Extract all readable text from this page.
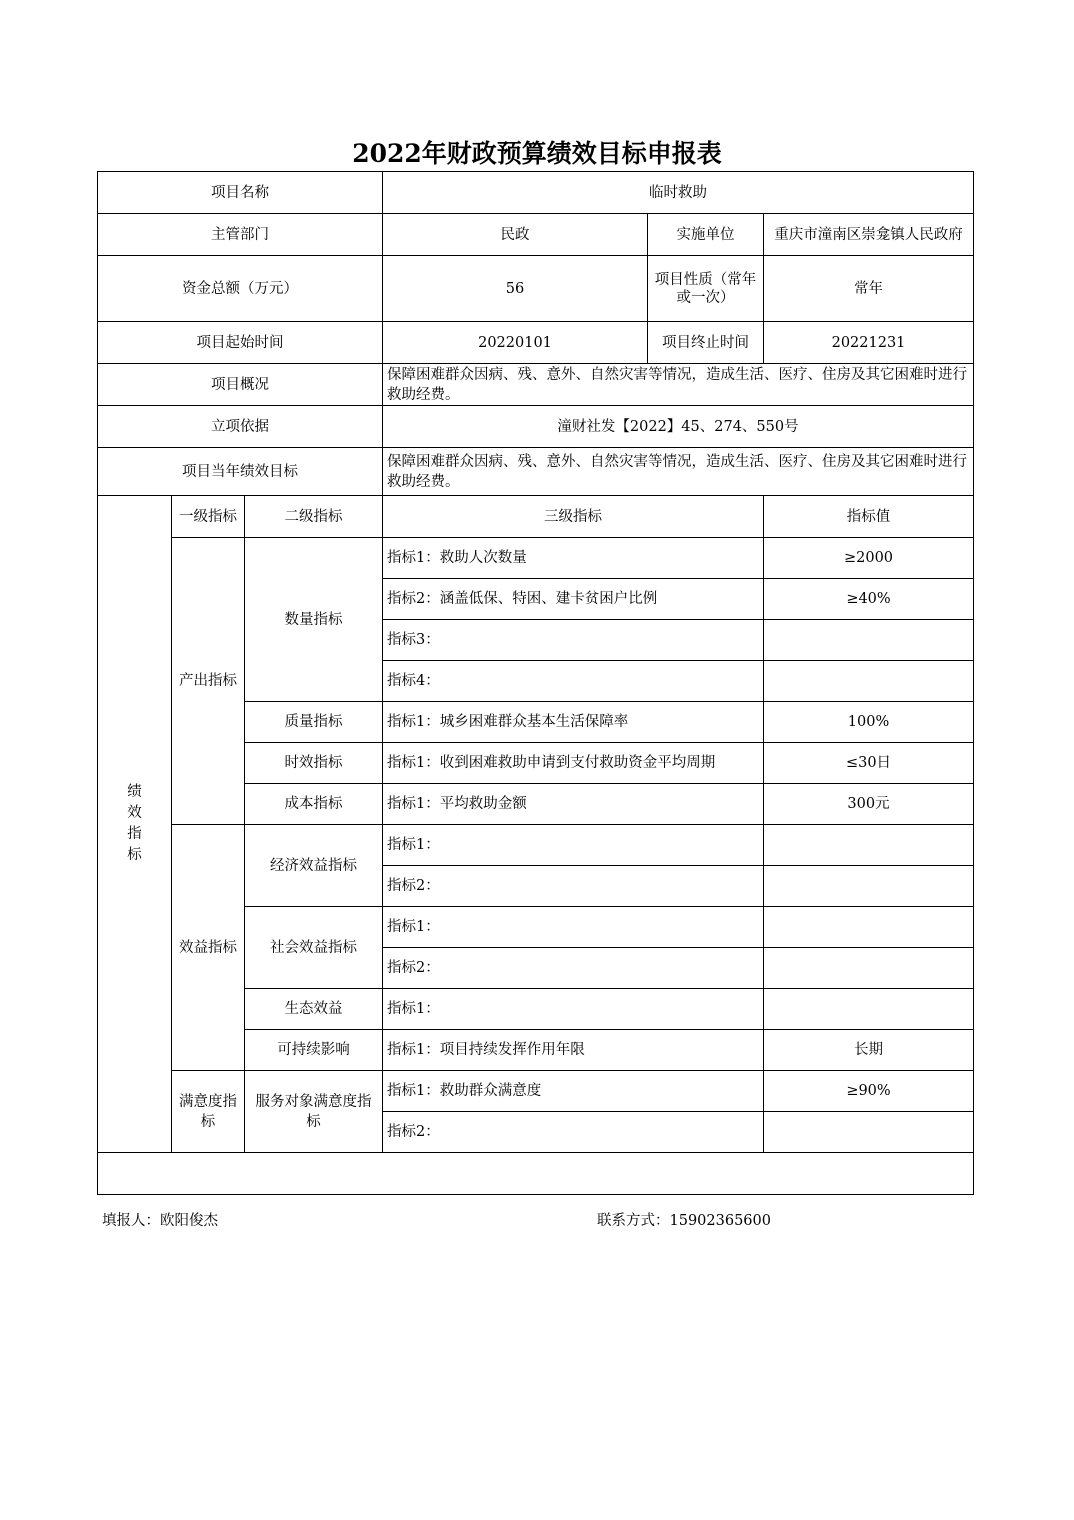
2022年财政预算绩效目标申报表
项目名称			临时救助		
主管部门			民政	实施单位	重庆市潼南区崇龛镇人民政府
资金总额（万元）			56	项目性质（常年或一次）	常年
项目起始时间			20220101	项目终止时间	20221231
项目概况			保障困难群众因病、残、意外、自然灾害等情况，造成生活、医疗、住房及其它困难时进行救助经费。		
立项依据			潼财社发【2022】45、274、550号		
项目当年绩效目标			保障困难群众因病、残、意外、自然灾害等情况，造成生活、医疗、住房及其它困难时进行救助经费。		
绩效指标	一级指标	二级指标	三级指标		指标值
	产出指标	数量指标	指标1：救助人次数量		≥2000
			指标2：涵盖低保、特困、建卡贫困户比例		≥40%
			指标3：		
			指标4：		
		质量指标	指标1：城乡困难群众基本生活保障率		100%
		时效指标	指标1：收到困难救助申请到支付救助资金平均周期		≤30日
		成本指标	指标1：平均救助金额		300元
	效益指标	经济效益指标	指标1：		
			指标2：		
		社会效益指标	指标1：		
			指标2：		
		生态效益	指标1：		
		可持续影响	指标1：项目持续发挥作用年限		长期
	满意度指标	服务对象满意度指标	指标1：救助群众满意度		≥90%
			指标2：		

填报人：欧阳俊杰	联系方式：15902365600
